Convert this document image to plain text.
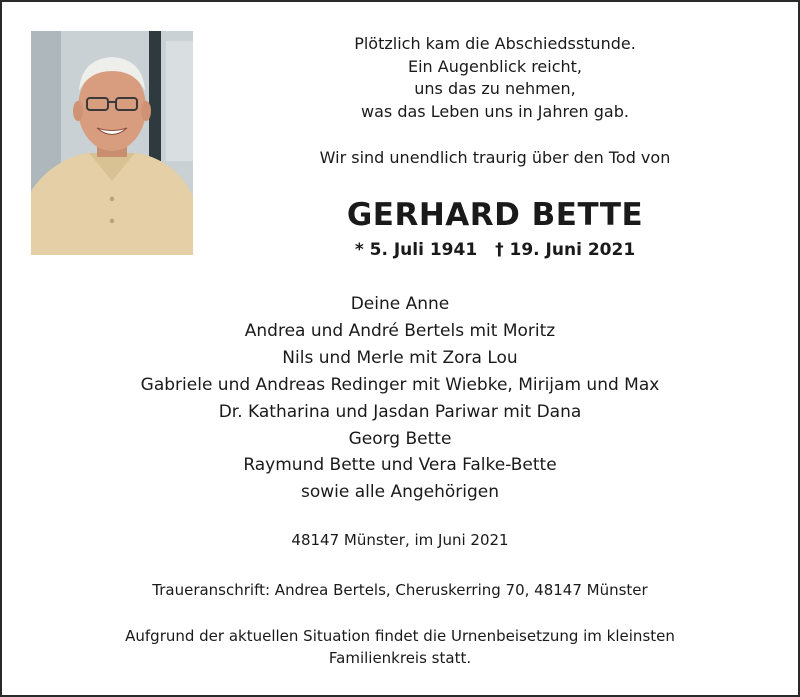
Plötzlich kam die Abschiedsstunde.
Ein Augenblick reicht,
uns das zu nehmen,
was das Leben uns in Jahren gab.
Wir sind unendlich traurig über den Tod von
GERHARD BETTE
* 5. Juli 1941 † 19. Juni 2021
Deine Anne
Andrea und André Bertels mit Moritz
Nils und Merle mit Zora Lou
Gabriele und Andreas Redinger mit Wiebke, Mirijam und Max
Dr. Katharina und Jasdan Pariwar mit Dana
Georg Bette
Raymund Bette und Vera Falke-Bette
sowie alle Angehörigen
48147 Münster, im Juni 2021
Traueranschrift: Andrea Bertels, Cheruskerring 70, 48147 Münster
Aufgrund der aktuellen Situation findet die Urnenbeisetzung im kleinsten
Familienkreis statt.
